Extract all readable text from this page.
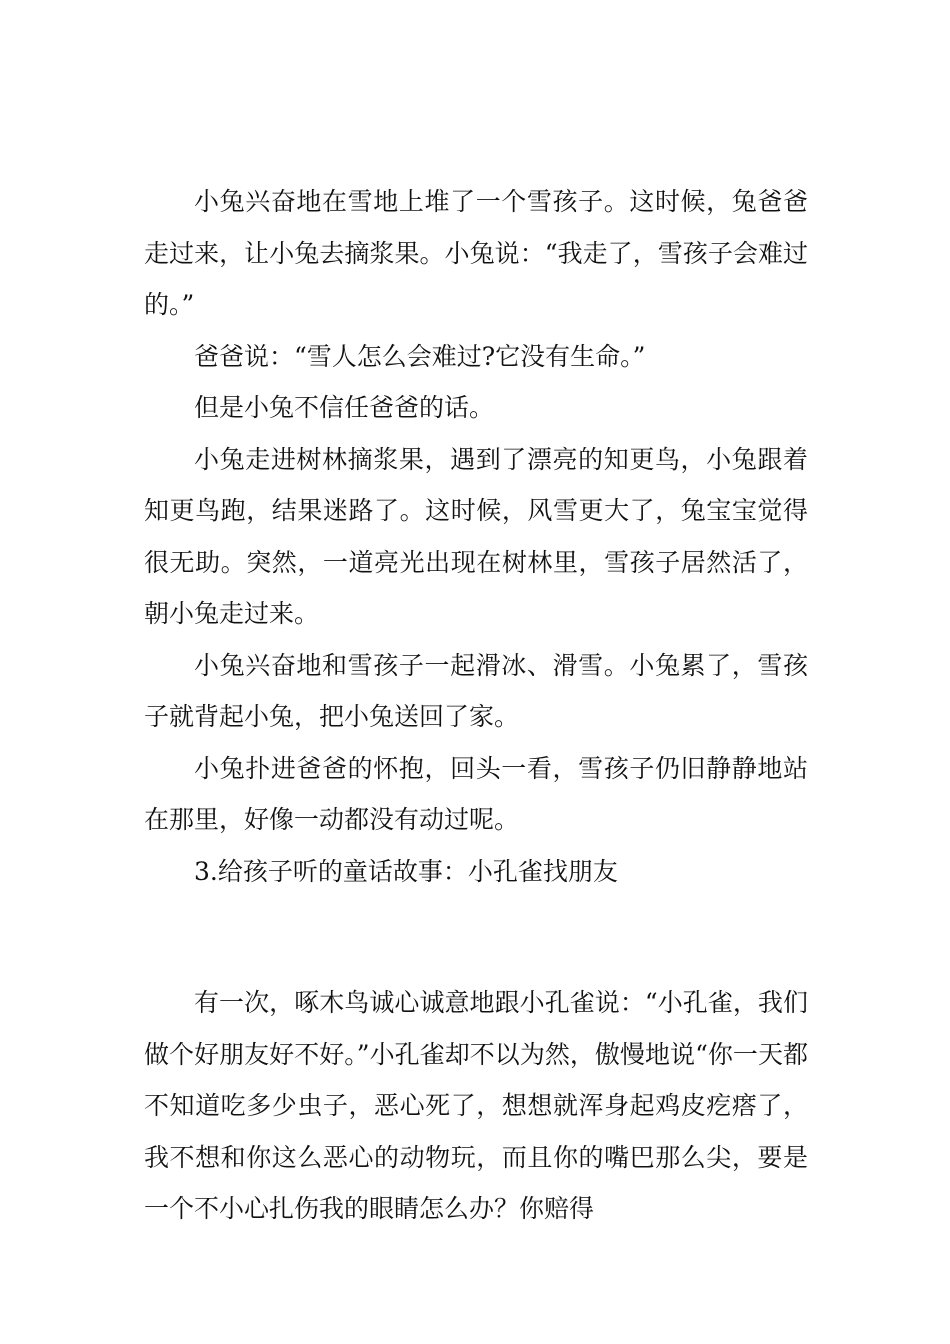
小兔兴奋地在雪地上堆了一个雪孩子。这时候，兔爸爸走过来，让小兔去摘浆果。小兔说：“我走了，雪孩子会难过的。”

爸爸说：“雪人怎么会难过?它没有生命。”

但是小兔不信任爸爸的话。

小兔走进树林摘浆果，遇到了漂亮的知更鸟，小兔跟着知更鸟跑，结果迷路了。这时候，风雪更大了，兔宝宝觉得很无助。突然，一道亮光出现在树林里，雪孩子居然活了，朝小兔走过来。

小兔兴奋地和雪孩子一起滑冰、滑雪。小兔累了，雪孩子就背起小兔，把小兔送回了家。

小兔扑进爸爸的怀抱，回头一看，雪孩子仍旧静静地站在那里，好像一动都没有动过呢。

3.给孩子听的童话故事：小孔雀找朋友

有一次，啄木鸟诚心诚意地跟小孔雀说：“小孔雀，我们做个好朋友好不好。”小孔雀却不以为然，傲慢地说“你一天都不知道吃多少虫子，恶心死了，想想就浑身起鸡皮疙瘩了，我不想和你这么恶心的动物玩，而且你的嘴巴那么尖，要是一个不小心扎伤我的眼睛怎么办？你赔得
